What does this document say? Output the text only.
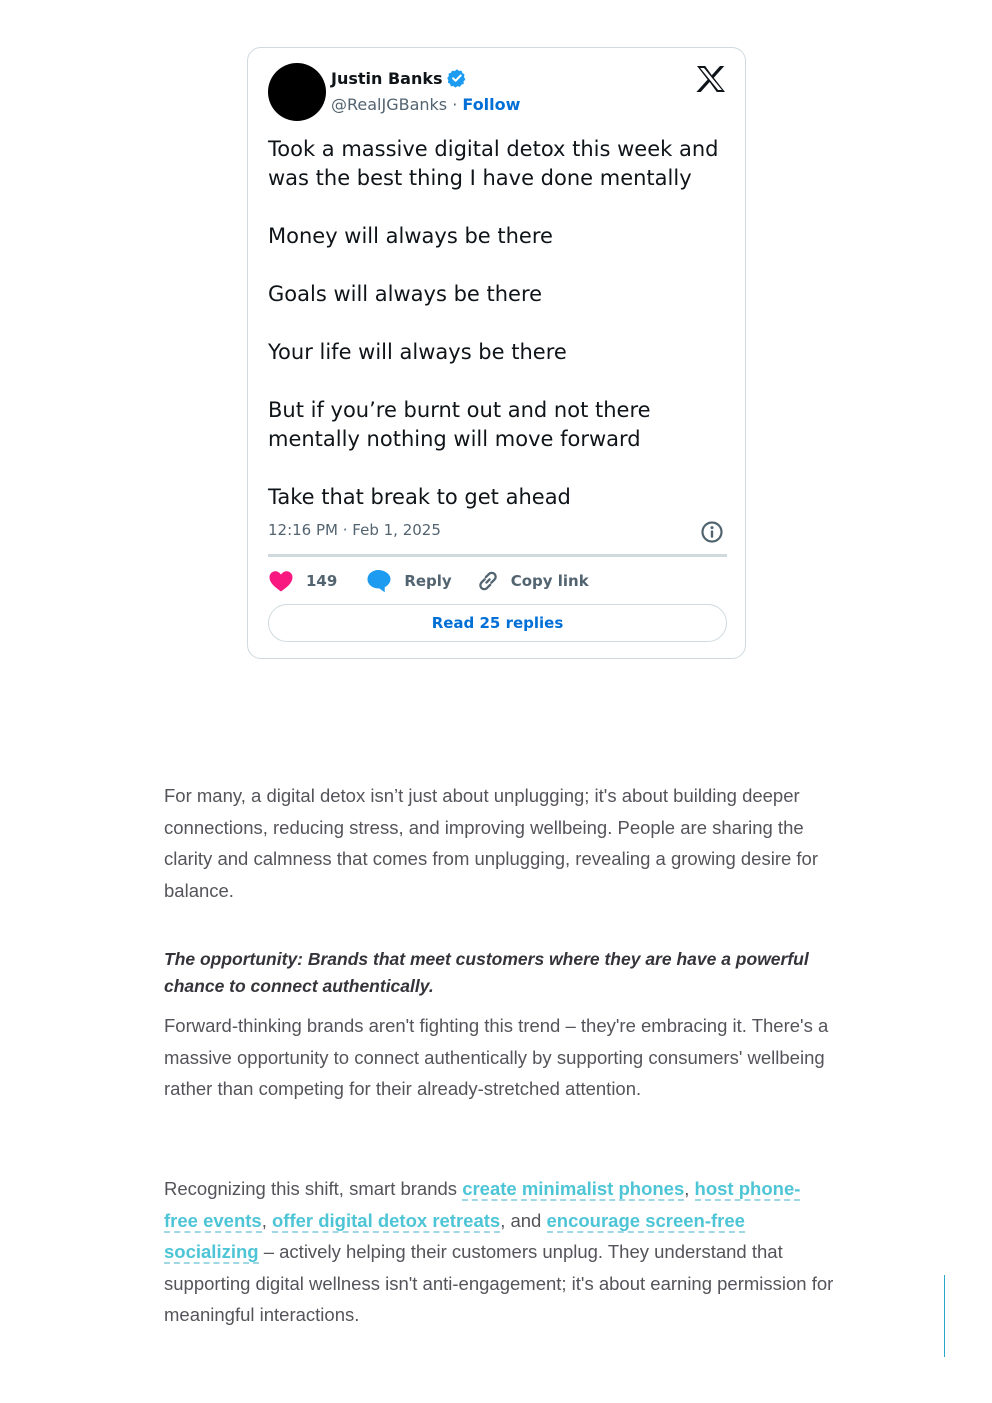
Justin Banks
@RealJGBanks · Follow
Took a massive digital detox this week and was the best thing I have done mentally

Money will always be there

Goals will always be there

Your life will always be there

But if you’re burnt out and not there mentally nothing will move forward

Take that break to get ahead
12:16 PM · Feb 1, 2025
149	Reply	Copy link
Read 25 replies

For many, a digital detox isn’t just about unplugging; it's about building deeper connections, reducing stress, and improving wellbeing. People are sharing the clarity and calmness that comes from unplugging, revealing a growing desire for balance.

The opportunity: Brands that meet customers where they are have a powerful chance to connect authentically.

Forward-thinking brands aren't fighting this trend – they're embracing it. There's a massive opportunity to connect authentically by supporting consumers' wellbeing rather than competing for their already-stretched attention.

Recognizing this shift, smart brands create minimalist phones, host phone-free events, offer digital detox retreats, and encourage screen-free socializing – actively helping their customers unplug. They understand that supporting digital wellness isn't anti-engagement; it's about earning permission for meaningful interactions.
